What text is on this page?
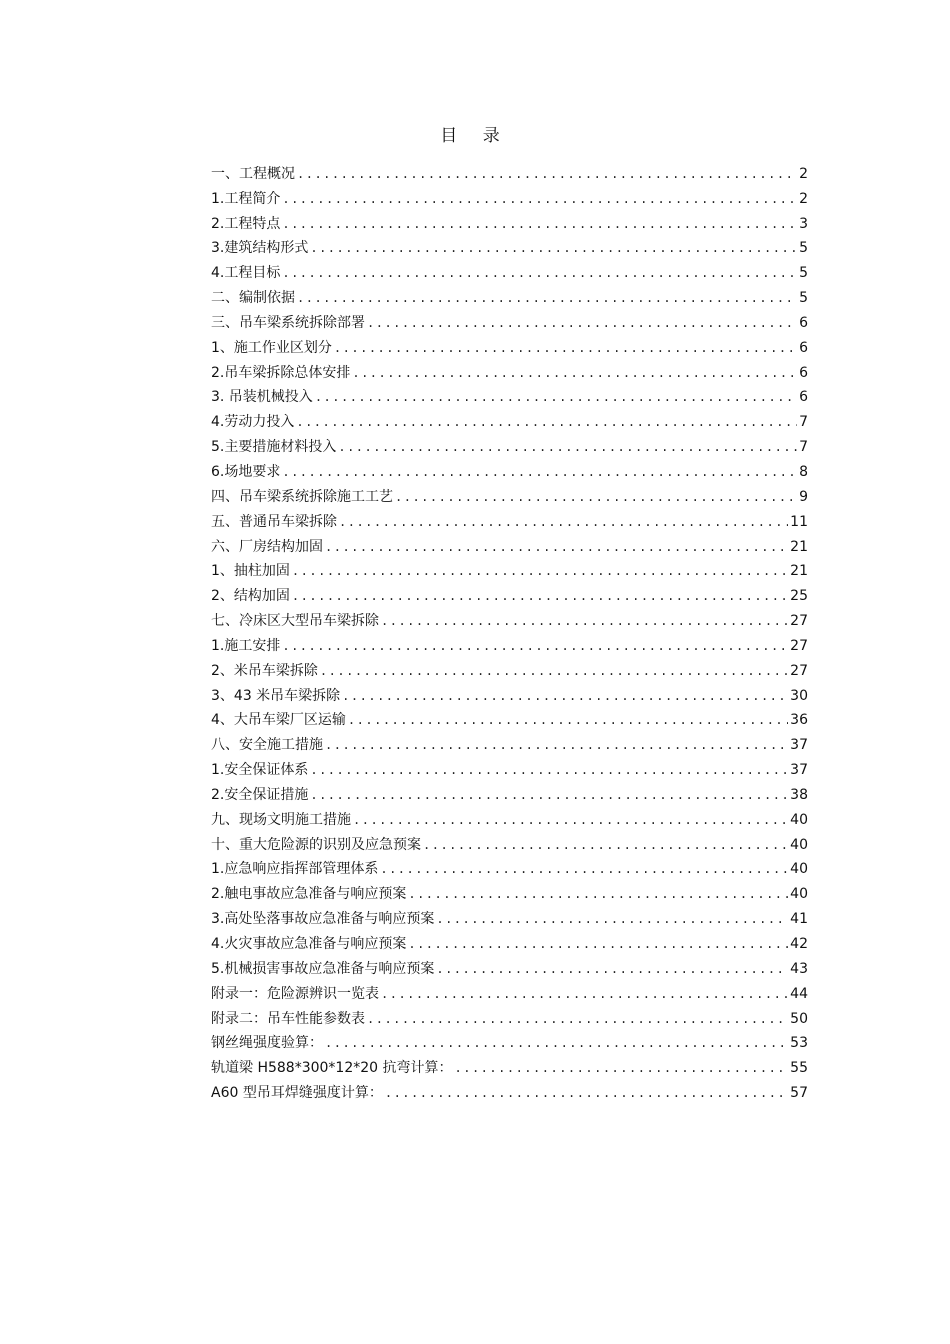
目 录
一、工程概况 .....	2
1.工程简介 .....	2
2.工程特点 .....	3
3.建筑结构形式 .....	5
4.工程目标 .....	5
二、编制依据 .....	5
三、吊车梁系统拆除部署 .....	6
1、施工作业区划分 .....	6
2.吊车梁拆除总体安排 .....	6
3. 吊装机械投入 .....	6
4.劳动力投入 .....	7
5.主要措施材料投入 .....	7
6.场地要求 .....	8
四、吊车梁系统拆除施工工艺 .....	9
五、普通吊车梁拆除 .....	11
六、厂房结构加固 .....	21
1、抽柱加固 .....	21
2、结构加固 .....	25
七、冷床区大型吊车梁拆除 .....	27
1.施工安排 .....	27
2、米吊车梁拆除 .....	27
3、43 米吊车梁拆除 .....	30
4、大吊车梁厂区运输 .....	36
八、安全施工措施 .....	37
1.安全保证体系 .....	37
2.安全保证措施 .....	38
九、现场文明施工措施 .....	40
十、重大危险源的识别及应急预案 .....	40
1.应急响应指挥部管理体系 .....	40
2.触电事故应急准备与响应预案 .....	40
3.高处坠落事故应急准备与响应预案 .....	41
4.火灾事故应急准备与响应预案 .....	42
5.机械损害事故应急准备与响应预案 .....	43
附录一：危险源辨识一览表 .....	44
附录二：吊车性能参数表 .....	50
钢丝绳强度验算： .....	53
轨道梁 H588*300*12*20 抗弯计算： .....	55
A60 型吊耳焊缝强度计算： .....	57
